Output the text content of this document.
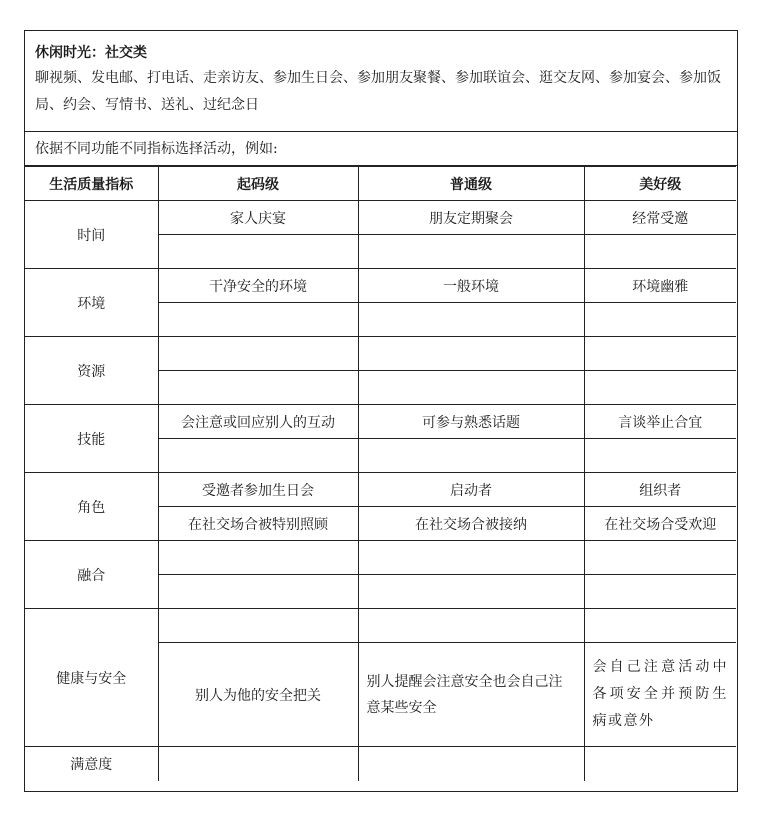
休闲时光：社交类
聊视频、发电邮、打电话、走亲访友、参加生日会、参加朋友聚餐、参加联谊会、逛交友网、参加宴会、参加饭局、约会、写情书、送礼、过纪念日
依据不同功能不同指标选择活动，例如:
生活质量指标	起码级	普通级	美好级
时间	家人庆宴	朋友定期聚会	经常受邀

环境	干净安全的环境	一般环境	环境幽雅

资源			

技能	会注意或回应别人的互动	可参与熟悉话题	言谈举止合宜

角色	受邀者参加生日会	启动者	组织者
	在社交场合被特别照顾	在社交场合被接纳	在社交场合受欢迎
融合			

健康与安全			
	别人为他的安全把关	别人提醒会注意安全也会自己注意某些安全	会自己注意活动中各项安全并预防生病或意外
满意度			
